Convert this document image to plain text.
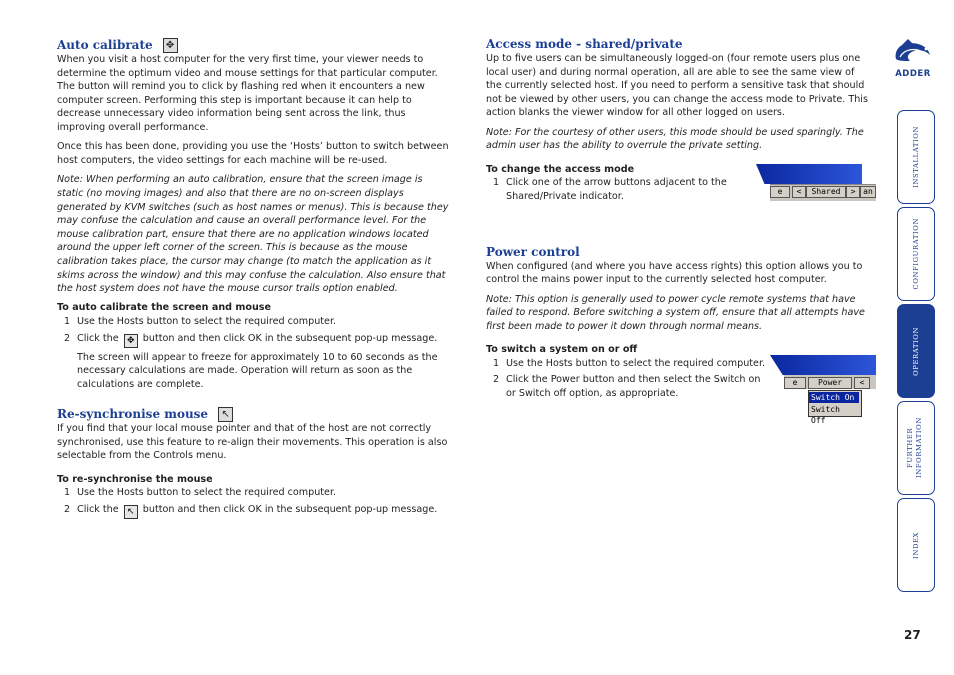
Auto calibrate	✥

When you visit a host computer for the very first time, your viewer needs to determine the optimum video and mouse settings for that particular computer. The button will remind you to click by flashing red when it encounters a new computer screen. Performing this step is important because it can help to decrease unnecessary video information being sent across the link, thus improving overall performance.

Once this has been done, providing you use the ‘Hosts’ button to switch between host computers, the video settings for each machine will be re-used.

Note: When performing an auto calibration, ensure that the screen image is static (no moving images) and also that there are no on-screen displays generated by KVM switches (such as host names or menus). This is because they may confuse the calculation and cause an overall performance level. For the mouse calibration part, ensure that there are no application windows located around the upper left corner of the screen. This is because as the mouse calibration takes place, the cursor may change (to match the application as it skims across the window) and this may confuse the calculation. Also ensure that the host system does not have the mouse cursor trails option enabled.

To auto calibrate the screen and mouse
1 Use the Hosts button to select the required computer.
2 Click the ✥ button and then click OK in the subsequent pop-up message.

The screen will appear to freeze for approximately 10 to 60 seconds as the necessary calculations are made. Operation will return as soon as the calculations are complete.

Re-synchronise mouse	↖

If you find that your local mouse pointer and that of the host are not correctly synchronised, use this feature to re-align their movements. This operation is also selectable from the Controls menu.

To re-synchronise the mouse
1 Use the Hosts button to select the required computer.
2 Click the ↖ button and then click OK in the subsequent pop-up message.
Access mode - shared/private

Up to five users can be simultaneously logged-on (four remote users plus one local user) and during normal operation, all are able to see the same view of the currently selected host. If you need to perform a sensitive task that should not be viewed by other users, you can change the access mode to Private. This action blanks the viewer window for all other logged on users.

Note: For the courtesy of other users, this mode should be used sparingly. The admin user has the ability to overrule the private setting.

To change the access mode
1 Click one of the arrow buttons adjacent to the Shared/Private indicator.
Power control

When configured (and where you have access rights) this option allows you to control the mains power input to the currently selected host computer.

Note: This option is generally used to power cycle remote systems that have failed to respond. Before switching a system off, ensure that all attempts have first been made to power it down through normal means.

To switch a system on or off
1 Use the Hosts button to select the required computer.
2 Click the Power button and then select the Switch on or Switch off option, as appropriate.
e	<	Shared	> an
e	Power	<
Switch On
Switch Off
ADDER
INSTALLATION
CONFIGURATION
OPERATION
FURTHER INFORMATION
INDEX
27
